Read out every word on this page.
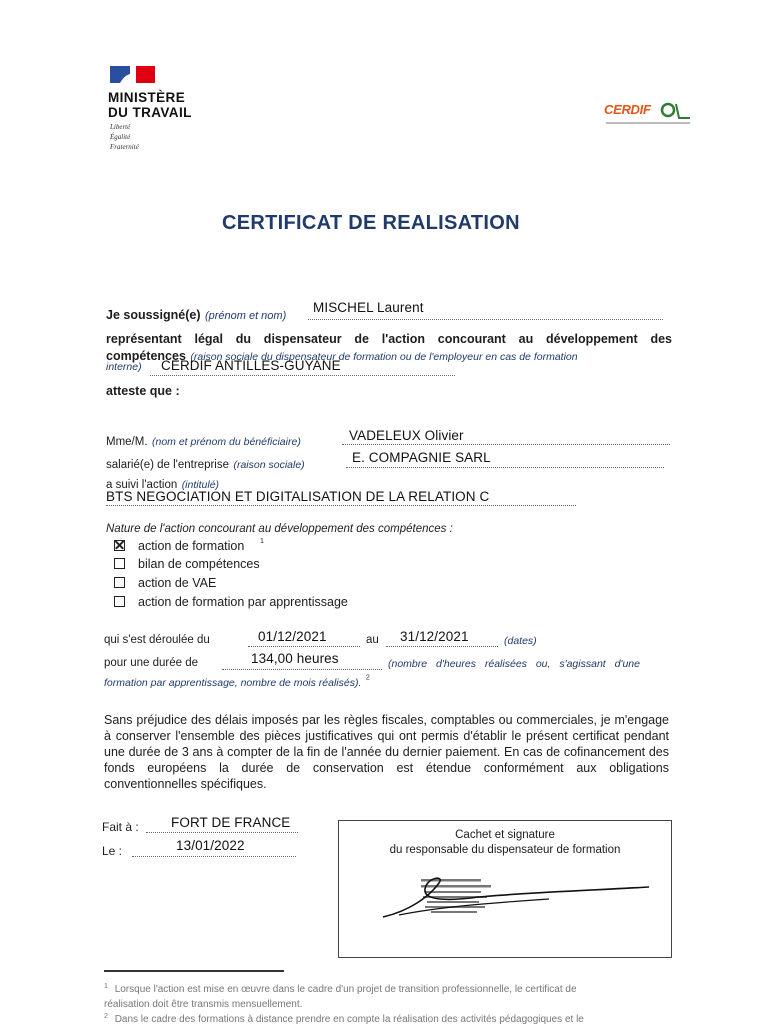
MINISTÈRE
DU TRAVAIL
Liberté
Égalité
Fraternité
CERDIF
CERTIFICAT DE REALISATION
Je soussigné(e) (prénom et nom)
MISCHEL Laurent
représentant légal du dispensateur de l'action concourant au développement des
compétences (raison sociale du dispensateur de formation ou de l'employeur en cas de formation
interne) CERDIF ANTILLES-GUYANE
atteste que :
Mme/M. (nom et prénom du bénéficiaire)	VADELEUX Olivier
salarié(e) de l'entreprise (raison sociale)	E. COMPAGNIE SARL
a suivi l'action (intitulé)
BTS NEGOCIATION ET DIGITALISATION DE LA RELATION C
Nature de l'action concourant au développement des compétences :
action de formation 1
bilan de compétences
action de VAE
action de formation par apprentissage
qui s'est déroulée du	au	(dates)
01/12/2021	31/12/2021
pour une durée de	(nombre d'heures réalisées ou, s'agissant d'une
134,00 heures
formation par apprentissage, nombre de mois réalisés). $^2$
Sans préjudice des délais imposés par les règles fiscales, comptables ou commerciales, je m'engage à conserver l'ensemble des pièces justificatives qui ont permis d'établir le présent certificat pendant une durée de 3 ans à compter de la fin de l'année du dernier paiement. En cas de cofinancement des fonds européens la durée de conservation est étendue conformément aux obligations conventionnelles spécifiques.
Fait à : FORT DE FRANCE
Le :	13/01/2022
Cachet et signature
du responsable du dispensateur de formation
$^1$ Lorsque l'action est mise en œuvre dans le cadre d'un projet de transition professionnelle, le certificat de
réalisation doit être transmis mensuellement.
$^2$ Dans le cadre des formations à distance prendre en compte la réalisation des activités pédagogiques et le
